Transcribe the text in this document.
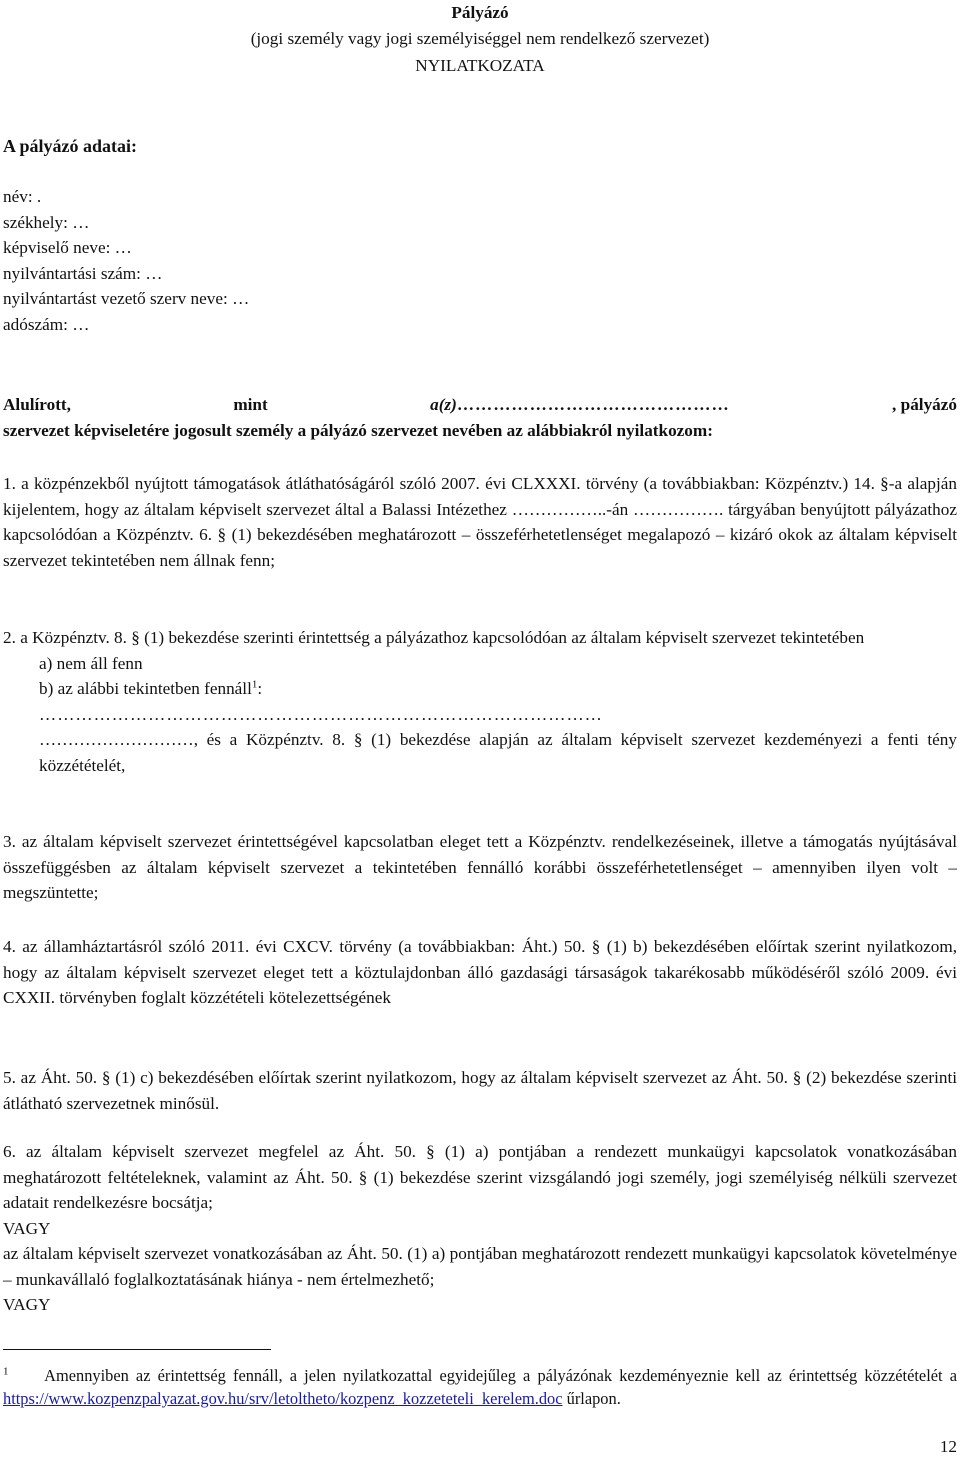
Pályázó

(jogi személy vagy jogi személyiséggel nem rendelkező szervezet)

NYILATKOZATA

A pályázó adatai:

név: .
székhely: …
képviselő neve: …
nyilvántartási szám: …
nyilvántartást vezető szerv neve: …
adószám: …
Alulírott,	mint	a(z)………………………………………	, pályázó
szervezet képviseletére jogosult személy a pályázó szervezet nevében az alábbiakról nyilatkozom:

1. a közpénzekből nyújtott támogatások átláthatóságáról szóló 2007. évi CLXXXI. törvény (a továbbiakban: Közpénztv.) 14. §-a alapján kijelentem, hogy az általam képviselt szervezet által a Balassi Intézethez ……………..-án ……………. tárgyában benyújtott pályázathoz kapcsolódóan a Közpénztv. 6. § (1) bekezdésében meghatározott – összeférhetetlenséget megalapozó – kizáró okok az általam képviselt szervezet tekintetében nem állnak fenn;

2. a Közpénztv. 8. § (1) bekezdése szerinti érintettség a pályázathoz kapcsolódóan az általam képviselt szervezet tekintetében

a) nem áll fenn
b) az alábbi tekintetben fennáll$^1$:
…………………………………………………………………………………

………………………, és a Közpénztv. 8. § (1) bekezdése alapján az általam képviselt szervezet kezdeményezi a fenti tény közzétételét,

3. az általam képviselt szervezet érintettségével kapcsolatban eleget tett a Közpénztv. rendelkezéseinek, illetve a támogatás nyújtásával összefüggésben az általam képviselt szervezet a tekintetében fennálló korábbi összeférhetetlenséget – amennyiben ilyen volt – megszüntette;

4. az államháztartásról szóló 2011. évi CXCV. törvény (a továbbiakban: Áht.) 50. § (1) b) bekezdésében előírtak szerint nyilatkozom, hogy az általam képviselt szervezet eleget tett a köztulajdonban álló gazdasági társaságok takarékosabb működéséről szóló 2009. évi CXXII. törvényben foglalt közzétételi kötelezettségének

5. az Áht. 50. § (1) c) bekezdésében előírtak szerint nyilatkozom, hogy az általam képviselt szervezet az Áht. 50. § (2) bekezdése szerinti átlátható szervezetnek minősül.

6. az általam képviselt szervezet megfelel az Áht. 50. § (1) a) pontjában a rendezett munkaügyi kapcsolatok vonatkozásában meghatározott feltételeknek, valamint az Áht. 50. § (1) bekezdése szerint vizsgálandó jogi személy, jogi személyiség nélküli szervezet adatait rendelkezésre bocsátja;

VAGY

az általam képviselt szervezet vonatkozásában az Áht. 50. (1) a) pontjában meghatározott rendezett munkaügyi kapcsolatok követelménye – munkavállaló foglalkoztatásának hiánya - nem értelmezhető;

VAGY

$^1$ Amennyiben az érintettség fennáll, a jelen nyilatkozattal egyidejűleg a pályázónak kezdeményeznie kell az érintettség közzétételét a https://www.kozpenzpalyazat.gov.hu/srv/letoltheto/kozpenz_kozzeteteli_kerelem.doc űrlapon.

12
